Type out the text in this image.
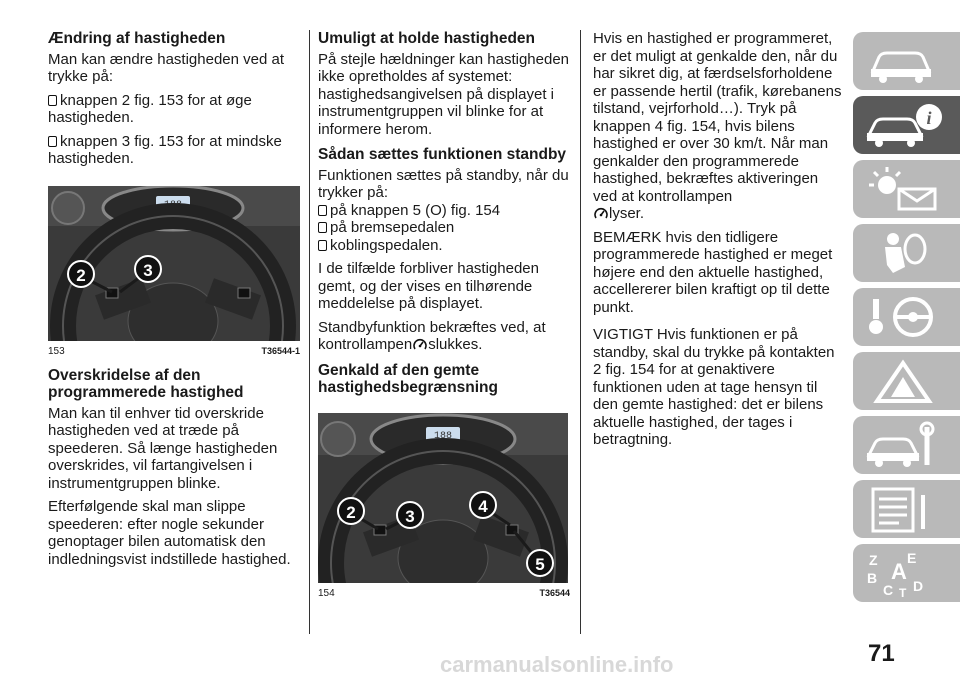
Ændring af hastigheden

Man kan ændre hastigheden ved at trykke på:

knappen 2 fig. 153 for at øge hastigheden.

knappen 3 fig. 153 for at mindske hastigheden.

188
2	3
153	T36544-1
Overskridelse af den programmerede hastighed

Man kan til enhver tid overskride hastigheden ved at træde på speederen. Så længe hastigheden overskrides, vil fartangivelsen i instrumentgruppen blinke.

Efterfølgende skal man slippe speederen: efter nogle sekunder genoptager bilen automatisk den indledningsvist indstillede hastighed.

Umuligt at holde hastigheden

På stejle hældninger kan hastigheden ikke opretholdes af systemet: hastighedsangivelsen på displayet i instrumentgruppen vil blinke for at informere herom.

Sådan sættes funktionen standby

Funktionen sættes på standby, når du trykker på:

på knappen 5 (O) fig. 154

på bremsepedalen

koblingspedalen.

I de tilfælde forbliver hastigheden gemt, og der vises en tilhørende meddelelse på displayet.

Standbyfunktion bekræftes ved, at kontrollampen slukkes.

Genkald af den gemte hastighedsbegrænsning
188
2	3
4
5
154	T36544

Hvis en hastighed er programmeret, er det muligt at genkalde den, når du har sikret dig, at færdselsforholdene er passende hertil (trafik, kørebanens tilstand, vejrforhold…). Tryk på knappen 4 fig. 154, hvis bilens hastighed er over 30 km/t. Når man genkalder den programmerede hastighed, bekræftes aktiveringen ved at kontrollampen
lyser.

BEMÆRK hvis den tidligere programmerede hastighed er meget højere end den aktuelle hastighed, accellererer bilen kraftigt op til dette punkt.

VIGTIGT Hvis funktionen er på standby, skal du trykke på kontakten 2 fig. 154 for at genaktivere funktionen uden at tage hensyn til den gemte hastighed: det er bilens aktuelle hastighed, der tages i betragtning.

i
Z E
B A
C D
T
71
carmanualsonline.info
